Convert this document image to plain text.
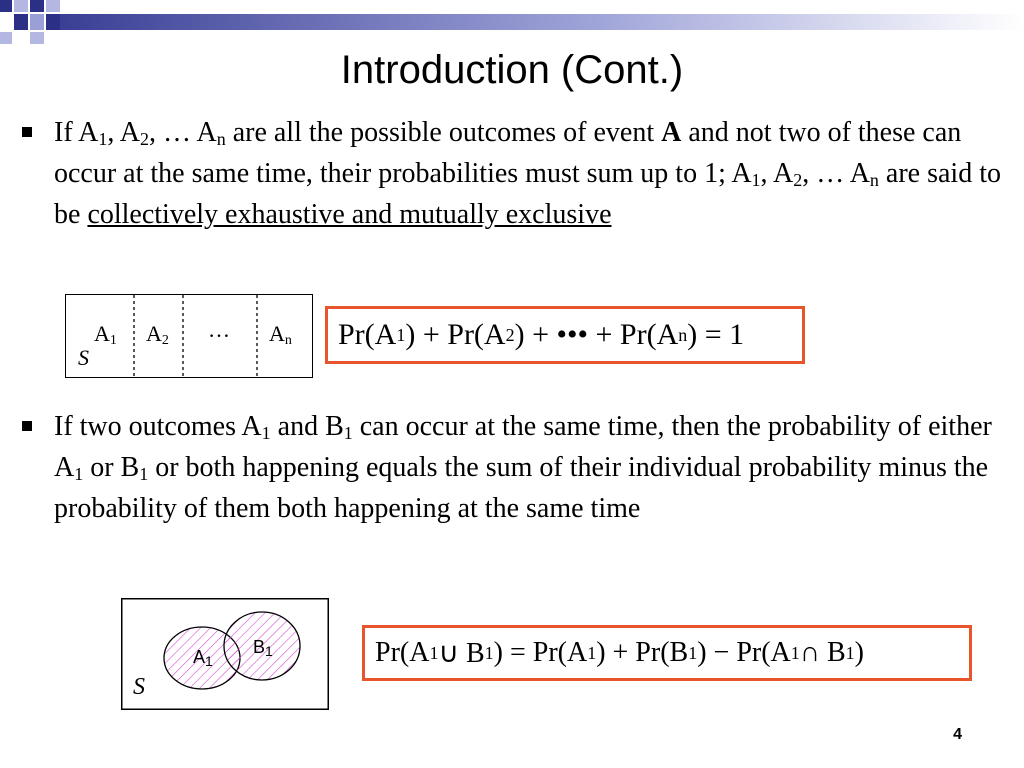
Introduction (Cont.)
If $A_1$, $A_2$, … $A_n$ are all the possible outcomes of event A and not two of these can occur at the same time, their probabilities must sum up to 1; $A_1$, $A_2$, … $A_n$ are said to be collectively exhaustive and mutually exclusive
$A_1$ $A_2$ … $A_n$
S
Pr(A 1 ) + Pr(A 2 ) + ••• + Pr(A n ) = 1
If two outcomes $A_1$ and $B_1$ can occur at the same time, then the probability of either $A_1$ or $B_1$ or both happening equals the sum of their individual probability minus the probability of them both happening at the same time
$A_1$
$B_1$
S
Pr(A 1 ∪ B 1 ) = Pr(A 1 ) + Pr(B 1 ) − Pr(A 1 ∩ B 1 )
4
